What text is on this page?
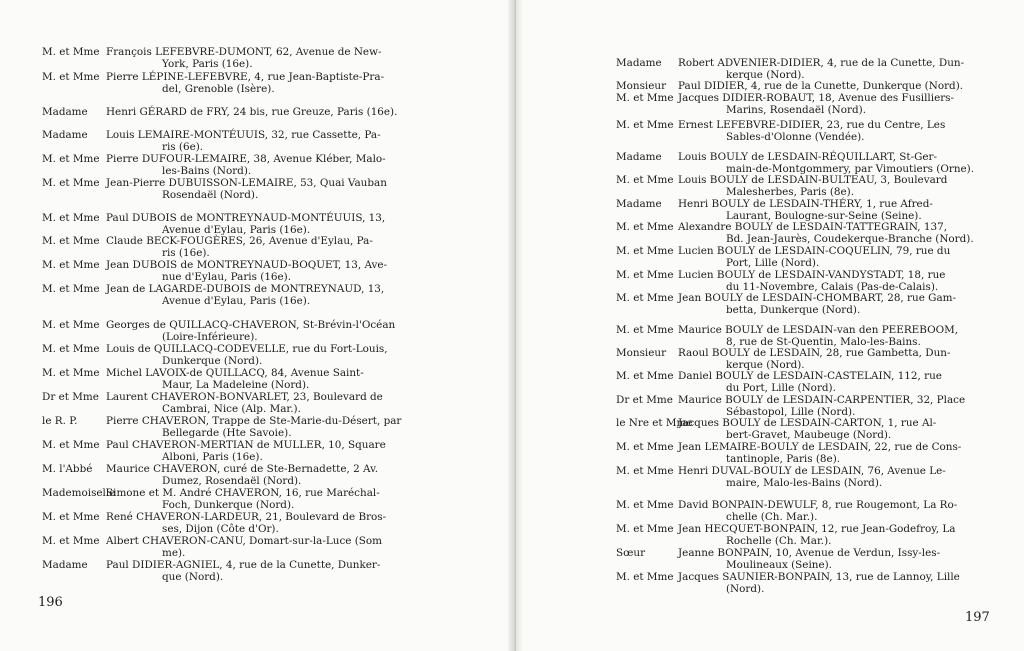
M. et Mme François LEFEBVRE-DUMONT, 62, Avenue de New-
York, Paris (16e).
M. et Mme Pierre LÉPINE-LEFEBVRE, 4, rue Jean-Baptiste-Pra-
del, Grenoble (Isère).
Madame Henri GÉRARD de FRY, 24 bis, rue Greuze, Paris (16e).
Madame Louis LEMAIRE-MONTÉUUIS, 32, rue Cassette, Pa-
ris (6e).
M. et Mme Pierre DUFOUR-LEMAIRE, 38, Avenue Kléber, Malo-
les-Bains (Nord).
M. et Mme Jean-Pierre DUBUISSON-LEMAIRE, 53, Quai Vauban
Rosendaël (Nord).
M. et Mme Paul DUBOIS de MONTREYNAUD-MONTÉUUIS, 13,
Avenue d'Eylau, Paris (16e).
M. et Mme Claude BECK-FOUGÈRES, 26, Avenue d'Eylau, Pa-
ris (16e).
M. et Mme Jean DUBOIS de MONTREYNAUD-BOQUET, 13, Ave-
nue d'Eylau, Paris (16e).
M. et Mme Jean de LAGARDE-DUBOIS de MONTREYNAUD, 13,
Avenue d'Eylau, Paris (16e).
M. et Mme Georges de QUILLACQ-CHAVERON, St-Brévin-l'Océan
(Loire-Inférieure).
M. et Mme Louis de QUILLACQ-CODEVELLE, rue du Fort-Louis,
Dunkerque (Nord).
M. et Mme Michel LAVOIX-de QUILLACQ, 84, Avenue Saint-
Maur, La Madeleine (Nord).
Dr et Mme Laurent CHAVERON-BONVARLET, 23, Boulevard de
Cambrai, Nice (Alp. Mar.).
le R. P.	Pierre CHAVERON, Trappe de Ste-Marie-du-Désert, par
Bellegarde (Hte Savoie).
M. et Mme Paul CHAVERON-MERTIAN de MULLER, 10, Square
Alboni, Paris (16e).
M. l'Abbé Maurice CHAVERON, curé de Ste-Bernadette, 2 Av.
Dumez, Rosendaël (Nord).
MademoiselleSimone et M. André CHAVERON, 16, rue Maréchal-
Foch, Dunkerque (Nord).
M. et Mme René CHAVERON-LARDEUR, 21, Boulevard de Bros-
ses, Dijon (Côte d'Or).
M. et Mme Albert CHAVERON-CANU, Domart-sur-la-Luce (Som
me).
Madame Paul DIDIER-AGNIEL, 4, rue de la Cunette, Dunker-
que (Nord).
196
Madame Robert ADVENIER-DIDIER, 4, rue de la Cunette, Dun-
kerque (Nord).
Monsieur Paul DIDIER, 4, rue de la Cunette, Dunkerque (Nord).
M. et Mme Jacques DIDIER-ROBAUT, 18, Avenue des Fusilliers-
Marins, Rosendaël (Nord).
M. et Mme Ernest LEFEBVRE-DIDIER, 23, rue du Centre, Les
Sables-d'Olonne (Vendée).
Madame Louis BOULY de LESDAIN-RÉQUILLART, St-Ger-
main-de-Montgommery, par Vimoutiers (Orne).
M. et Mme Louis BOULY de LESDAIN-BULTEAU, 3, Boulevard
Malesherbes, Paris (8e).
Madame Henri BOULY de LESDAIN-THÉRY, 1, rue Afred-
Laurant, Boulogne-sur-Seine (Seine).
M. et Mme Alexandre BOULY de LESDAIN-TATTEGRAIN, 137,
Bd. Jean-Jaurès, Coudekerque-Branche (Nord).
M. et Mme Lucien BOULY de LESDAIN-COQUELIN, 79, rue du
Port, Lille (Nord).
M. et Mme Lucien BOULY de LESDAIN-VANDYSTADT, 18, rue
du 11-Novembre, Calais (Pas-de-Calais).
M. et Mme Jean BOULY de LESDAIN-CHOMBART, 28, rue Gam-
betta, Dunkerque (Nord).
M. et Mme Maurice BOULY de LESDAIN-van den PEEREBOOM,
8, rue de St-Quentin, Malo-les-Bains.
Monsieur Raoul BOULY de LESDAIN, 28, rue Gambetta, Dun-
kerque (Nord).
M. et Mme Daniel BOULY de LESDAIN-CASTELAIN, 112, rue
du Port, Lille (Nord).
Dr et Mme Maurice BOULY de LESDAIN-CARPENTIER, 32, Place
Sébastopol, Lille (Nord).
le Nre et MmeJacques BOULY de LESDAIN-CARTON, 1, rue Al-
bert-Gravet, Maubeuge (Nord).
M. et Mme Jean LEMAIRE-BOULY de LESDAIN, 22, rue de Cons-
tantinople, Paris (8e).
M. et Mme Henri DUVAL-BOULY de LESDAIN, 76, Avenue Le-
maire, Malo-les-Bains (Nord).
M. et Mme David BONPAIN-DEWULF, 8, rue Rougemont, La Ro-
chelle (Ch. Mar.).
M. et Mme Jean HECQUET-BONPAIN, 12, rue Jean-Godefroy, La
Rochelle (Ch. Mar.).
Sœur	Jeanne BONPAIN, 10, Avenue de Verdun, Issy-les-
Moulineaux (Seine).
M. et Mme Jacques SAUNIER-BONPAIN, 13, rue de Lannoy, Lille
(Nord).
197
